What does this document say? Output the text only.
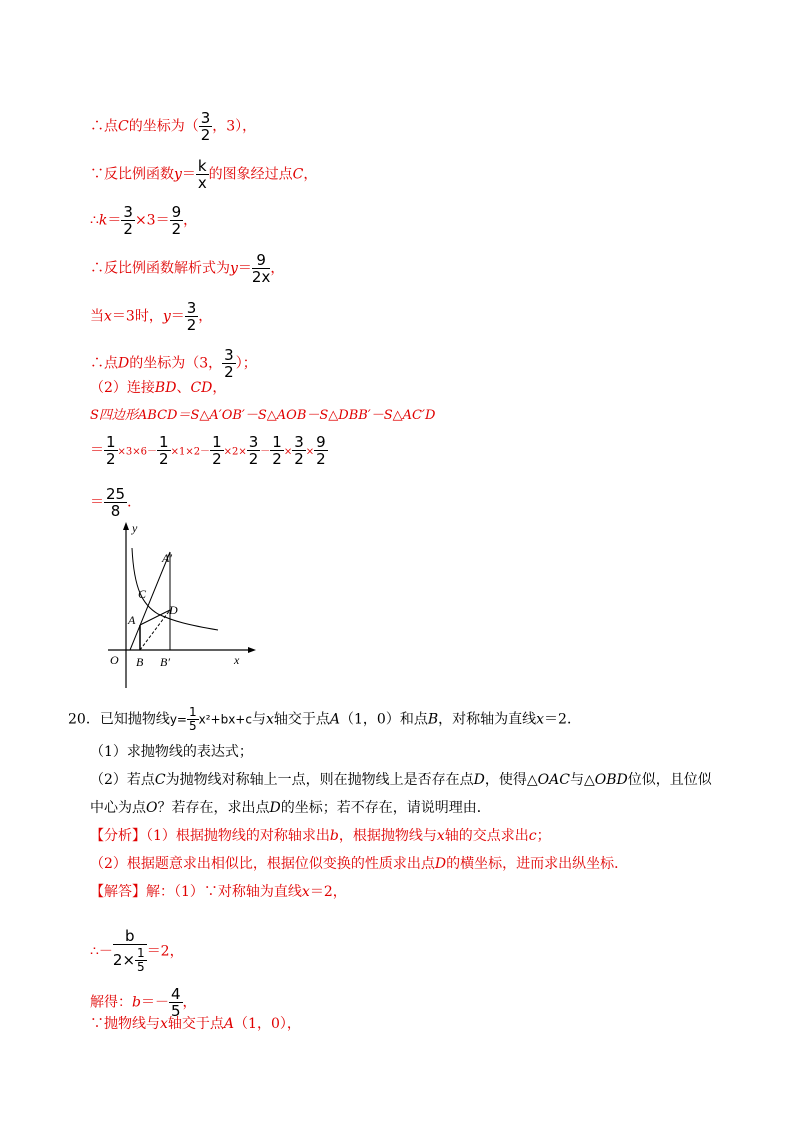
∴点C的坐标为（ $\frac{3}{2}$ ，3），
∵反比例函数$y= \frac{k}{x}$ 的图象经过点C，
∴k＝ $\frac{3}{2} \times 3= \frac{9}{2}$ ，
∴反比例函数解析式为$y= \frac{9}{2x}$ ，
当x＝3时，$y= \frac{3}{2}$ ，
∴点D的坐标为（3， $\frac{3}{2}$ ）；
（2）连接BD、CD，
S四边形ABCD＝S△A′OB′－S△AOB－S△DBB′－S△AC′D
＝ $\frac{1}{2} \times 3\times 6- \frac{1}{2} \times 1\times 2- \frac{1}{2} \times 2\times \frac{3}{2} - \frac{1}{2} \times \frac{3}{2} \times \frac{9}{2}$
＝ $\frac{25}{8}$ ．
y
x
O B B′
A
A′
C
D
20．已知抛物线$y= \frac{1}{5} x^2+bx+c$与x轴交于点A（1，0）和点B，对称轴为直线x＝2．
（1）求抛物线的表达式；
（2）若点C为抛物线对称轴上一点，则在抛物线上是否存在点D，使得△OAC与△OBD位似，且位似
中心为点O？若存在，求出点D的坐标；若不存在，请说明理由．
【分析】（1）根据抛物线的对称轴求出b，根据抛物线与x轴的交点求出c；
（2）根据题意求出相似比，根据位似变换的性质求出点D的横坐标，进而求出纵坐标．
【解答】解：（1）∵对称轴为直线x＝2，
∴－ $\frac{b}{2\times \frac{1}{5}} =2$，
解得：$b=- \frac{4}{5}$ ，
∵抛物线与x轴交于点A（1，0），
